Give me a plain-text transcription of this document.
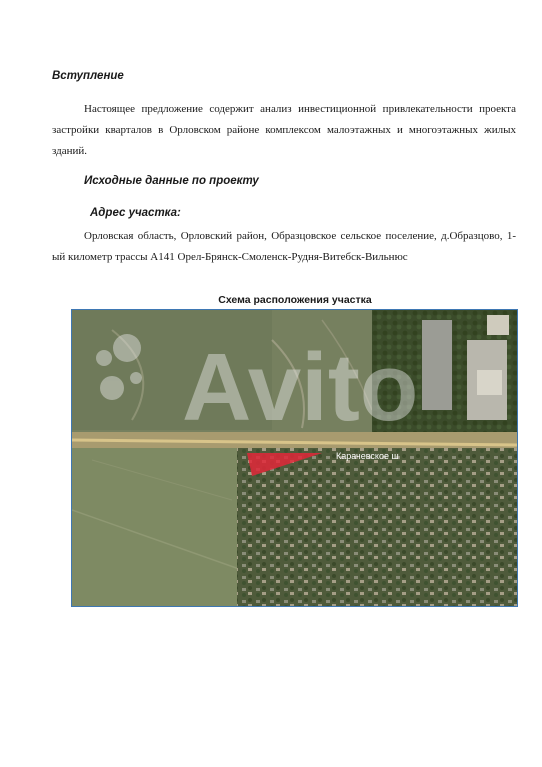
Вступление

Настоящее предложение содержит анализ инвестиционной привлекательности проекта застройки кварталов в Орловском районе комплексом малоэтажных и многоэтажных жилых зданий.

Исходные данные по проекту
Адрес участка:

Орловская область, Орловский район, Образцовское сельское поселение, д.Образцово, 1-ый километр трассы А141 Орел-Брянск-Смоленск-Рудня-Витебск-Вильнюс

Схема расположения участка

Avito
Карачевское ш
